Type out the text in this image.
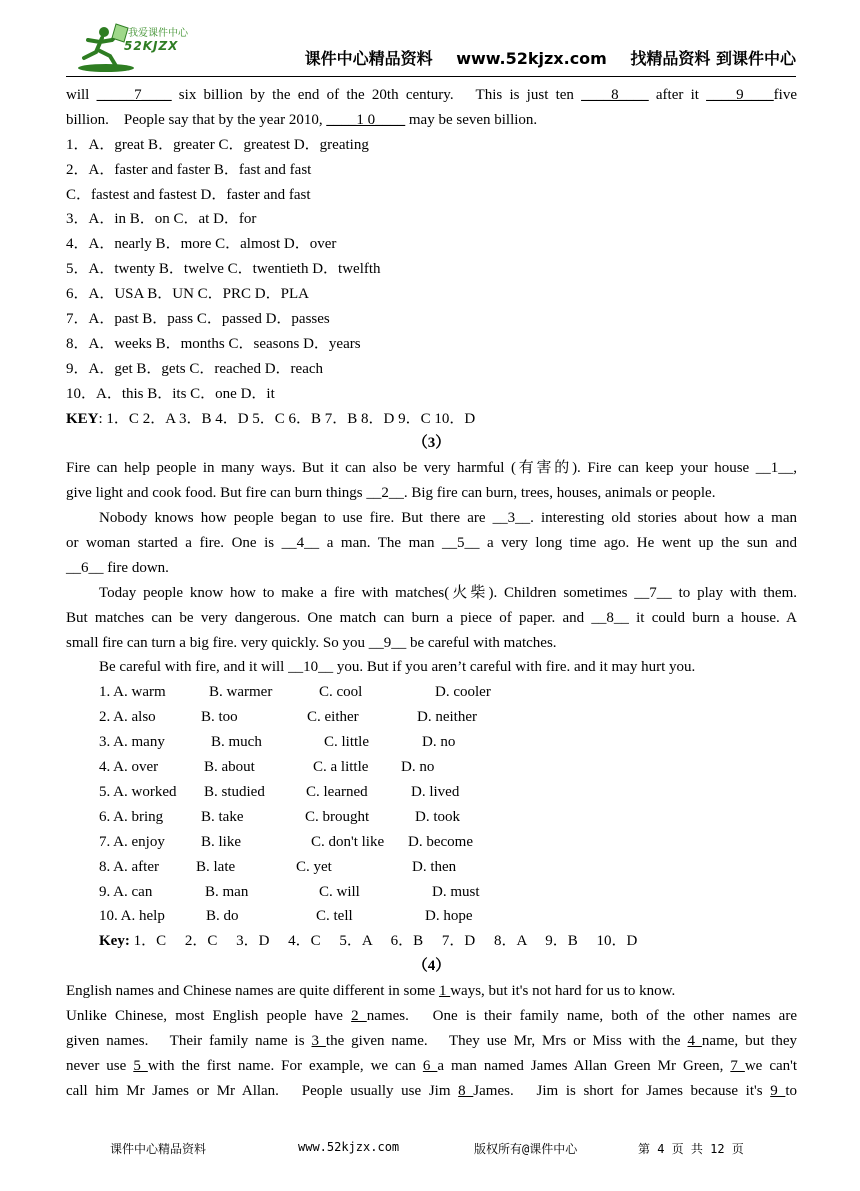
我爱课件中心
52KJZX
课件中心精品资料 www.52kjzx.com 找精品资料 到课件中心
will _____7____ six billion by the end of the 20th century.　This is just ten ____8____ after it ____9____five
billion.　People say that by the year 2010, ____1 0____ may be seven billion.
1．A．great B．greater C．greatest D．greating
2．A．faster and faster B．fast and fast
C．fastest and fastest D．faster and fast
3．A．in B．on C．at D．for
4．A．nearly B．more C．almost D．over
5．A．twenty B．twelve C．twentieth D．twelfth
6．A．USA B．UN C．PRC D．PLA
7．A．past B．pass C．passed D．passes
8．A．weeks B．months C．seasons D．years
9．A．get B．gets C．reached D．reach
10．A．this B．its C．one D．it
KEY: 1．C 2．A 3．B 4．D 5．C 6．B 7．B 8．D 9．C 10．D
（3）
Fire can help people in many ways. But it can also be very harmful (有害的). Fire can keep your house __1__,
give light and cook food. But fire can burn things __2__. Big fire can burn, trees, houses, animals or people.
Nobody knows how people began to use fire. But there are __3__. interesting old stories about how a man
or woman started a fire. One is __4__ a man. The man __5__ a very long time ago. He went up the sun and
__6__ fire down.
Today people know how to make a fire with matches(火柴). Children sometimes __7__ to play with them.
But matches can be very dangerous. One match can burn a piece of paper. and __8__ it could burn a house. A
small fire can turn a big fire. very quickly. So you __9__ be careful with matches.
Be careful with fire, and it will __10__ you. But if you aren’t careful with fire. and it may hurt you.
1. A. warm	B. warmer	C. cool	D. cooler
2. A. also	B. too	C. either	D. neither
3. A. many	B. much	C. little	D. no
4. A. over	B. about	C. a little D. no
5. A. worked B. studied	C. learned	D. lived
6. A. bring	B. take	C. brought	D. took
7. A. enjoy B. like	C. don't like D. become
8. A. after B. late	C. yet	D. then
9. A. can	B. man	C. will	D. must
10. A. help	B. do	C. tell	D. hope
Key: 1．C　 2．C　 3．D　 4．C　 5．A　 6．B　 7．D　 8．A　 9．B　 10．D
（4）
English names and Chinese names are quite different in some 1 ways, but it's not hard for us to know.
Unlike Chinese, most English people have 2 names.　One is their family name, both of the other names are
given names.　Their family name is 3 the given name.　They use Mr, Mrs or Miss with the 4 name, but they
never use 5 with the first name. For example, we can 6 a man named James Allan Green Mr Green, 7 we can't
call him Mr James or Mr Allan.　People usually use Jim 8 James.　Jim is short for James because it's 9 to
课件中心精品资料	www.52kjzx.com	版权所有@课件中心	第 4 页 共 12 页
